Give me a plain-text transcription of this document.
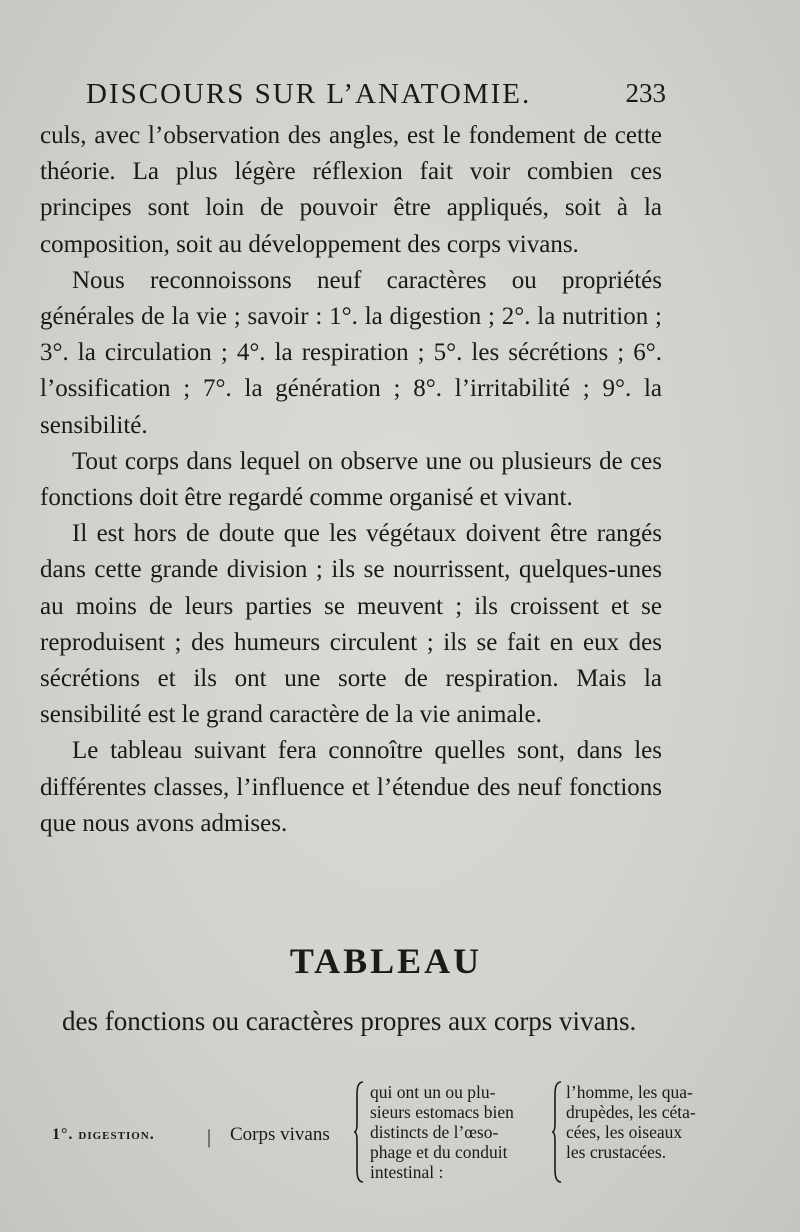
DISCOURS SUR L’ANATOMIE.	233

culs, avec l’observation des angles, est le fondement de cette théorie. La plus légère réflexion fait voir combien ces principes sont loin de pouvoir être appliqués, soit à la composition, soit au développement des corps vivans.

Nous reconnoissons neuf caractères ou propriétés générales de la vie ; savoir : 1°. la digestion ; 2°. la nutrition ; 3°. la circulation ; 4°. la respiration ; 5°. les sécrétions ; 6°. l’ossification ; 7°. la génération ; 8°. l’irritabilité ; 9°. la sensibilité.

Tout corps dans lequel on observe une ou plusieurs de ces fonctions doit être regardé comme organisé et vivant.

Il est hors de doute que les végétaux doivent être rangés dans cette grande division ; ils se nourrissent, quelques-unes au moins de leurs parties se meuvent ; ils croissent et se reproduisent ; des humeurs circulent ; ils se fait en eux des sécrétions et ils ont une sorte de respiration. Mais la sensibilité est le grand caractère de la vie animale.

Le tableau suivant fera connoître quelles sont, dans les différentes classes, l’influence et l’étendue des neuf fonctions que nous avons admises.

TABLEAU
des fonctions ou caractères propres aux corps vivans.
1°. digestion.	| Corps vivans
qui ont un ou plu-
sieurs estomacs bien
distincts de l’œso-
phage et du conduit
intestinal :
l’homme, les qua-
drupèdes, les céta-
cées, les oiseaux
les crustacées.
